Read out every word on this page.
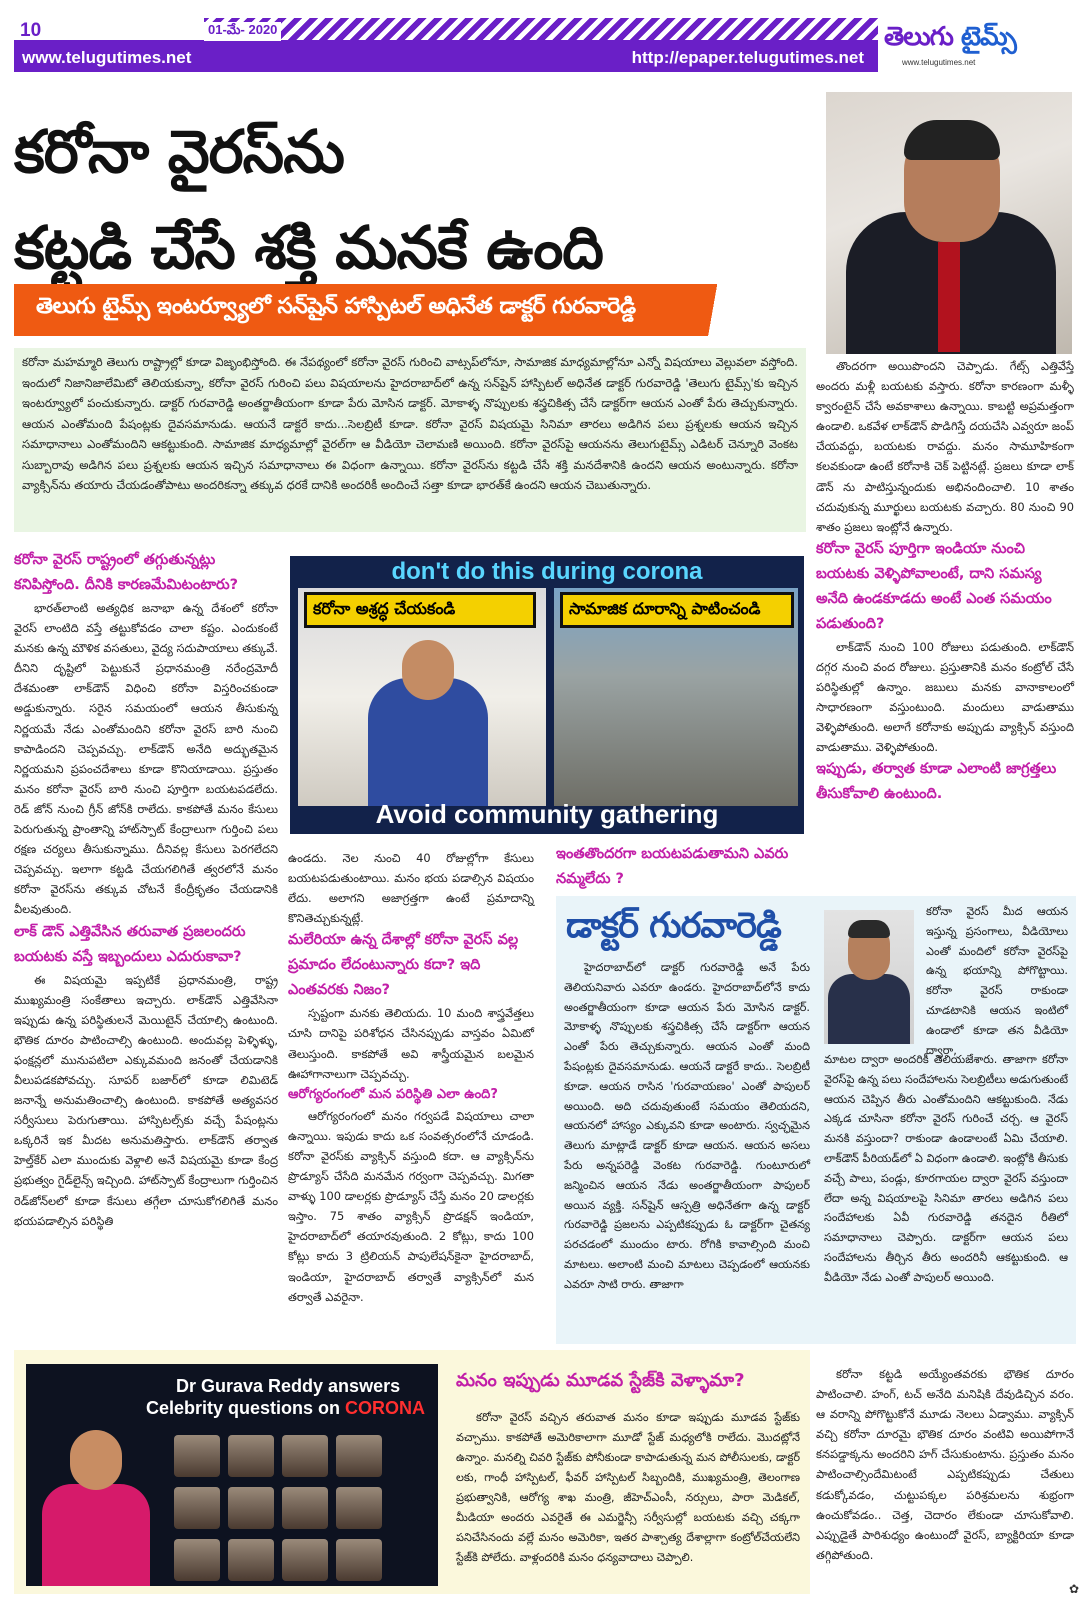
10	01-మే- 2020
www.telugutimes.net	http://epaper.telugutimes.net
తెలుగు టైమ్స్
www.telugutimes.net
కరోనా వైరస్‌ను
కట్టడి చేసే శక్తి మనకే ఉంది
తెలుగు టైమ్స్ ఇంటర్వ్యూలో సన్‌షైన్ హాస్పిటల్ అధినేత డాక్టర్ గురవారెడ్డి
కరోనా మహమ్మారి తెలుగు రాష్ట్రాల్లో కూడా విజృంభిస్తోంది. ఈ నేపథ్యంలో కరోనా వైరస్ గురించి వాట్సప్‌లోనూ, సామాజిక మాధ్యమాల్లోనూ ఎన్నో విషయాలు వెల్లువలా వస్తోంది. ఇందులో నిజానిజాలేమిటో తెలియకున్నా, కరోనా వైరస్ గురించి పలు విషయాలను హైదరాబాద్‌లో ఉన్న సన్‌షైన్ హాస్పిటల్ అధినేత డాక్టర్ గురవారెడ్డి 'తెలుగు టైమ్స్'కు ఇచ్చిన ఇంటర్వ్యూలో పంచుకున్నారు. డాక్టర్ గురవారెడ్డి అంతర్జాతీయంగా కూడా పేరు మోసిన డాక్టర్. మోకాళ్ళ నొప్పులకు శస్త్రచికిత్స చేసే డాక్టర్‌గా ఆయన ఎంతో పేరు తెచ్చుకున్నారు. ఆయన ఎంతోమంది పేషంట్లకు దైవసమానుడు. ఆయనే డాక్టరే కాదు...సెలబ్రిటీ కూడా. కరోనా వైరస్ విషయమై సినిమా తారలు అడిగిన పలు ప్రశ్నలకు ఆయన ఇచ్చిన సమాధానాలు ఎంతోమందిని ఆకట్టుకుంది. సామాజిక మాధ్యమాల్లో వైరల్‌గా ఆ వీడియో చెలామణి అయింది. కరోనా వైరస్‌పై ఆయనను తెలుగుటైమ్స్ ఎడిటర్ చెన్నూరి వెంకట సుబ్బారావు అడిగిన పలు ప్రశ్నలకు ఆయన ఇచ్చిన సమాధానాలు ఈ విధంగా ఉన్నాయి. కరోనా వైరస్‌ను కట్టడి చేసే శక్తి మనదేశానికి ఉందని ఆయన అంటున్నారు. కరోనా వ్యాక్సిన్‌ను తయారు చేయడంతోపాటు అందరికన్నా తక్కువ ధరకే దానికి అందరికీ అందించే సత్తా కూడా భారత్‌కే ఉందని ఆయన చెబుతున్నారు.
కరోనా వైరస్ రాష్ట్రంలో తగ్గుతున్నట్లు కనిపిస్తోంది. దీనికి కారణమేమిటంటారు?

భారత్‌లాంటి అత్యధిక జనాభా ఉన్న దేశంలో కరోనా వైరస్ లాంటిది వస్తే తట్టుకోవడం చాలా కష్టం. ఎందుకంటే మనకు ఉన్న మౌళిక వసతులు, వైద్య సదుపాయాలు తక్కువే. దీనిని దృష్టిలో పెట్టుకునే ప్రధానమంత్రి నరేంద్రమోదీ దేశమంతా లాక్‌డౌన్ విధించి కరోనా విస్తరించకుండా అడ్డుకున్నారు. సరైన సమయంలో ఆయన తీసుకున్న నిర్ణయమే నేడు ఎంతోమందిని కరోనా వైరస్ బారి నుంచి కాపాడిందని చెప్పవచ్చు. లాక్‌డౌన్ అనేది అద్భుతమైన నిర్ణయమని ప్రపంచదేశాలు కూడా కొనియాడాయి. ప్రస్తుతం మనం కరోనా వైరస్ బారి నుంచి పూర్తిగా బయటపడలేదు. రెడ్ జోన్ నుంచి గ్రీన్ జోన్‌కి రాలేదు. కాకపోతే మనం కేసులు పెరుగుతున్న ప్రాంతాన్ని హాట్‌స్పాట్ కేంద్రాలుగా గుర్తించి పలు రక్షణ చర్యలు తీసుకున్నాము. దీనివల్ల కేసులు పెరగలేదని చెప్పవచ్చు. ఇలాగా కట్టడి చేయగలిగితే త్వరలోనే మనం కరోనా వైరస్‌ను తక్కువ చోటనే కేంద్రీకృతం చేయడానికి వీలవుతుంది.

లాక్ డౌన్ ఎత్తివేసిన తరువాత ప్రజలందరు బయటకు వస్తే ఇబ్బందులు ఎదురుకావా?

ఈ విషయమై ఇప్పటికే ప్రధానమంత్రి, రాష్ట్ర ముఖ్యమంత్రి సంకేతాలు ఇచ్చారు. లాక్‌డౌన్ ఎత్తివేసినా ఇప్పుడు ఉన్న పరిస్థితులనే మెయిటైన్ చేయాల్సి ఉంటుంది. భౌతిక దూరం పాటించాల్సి ఉంటుంది. అందువల్ల పెళ్ళిళ్ళు, ఫంక్షన్లలో మునుపటిలా ఎక్కువమంది జనంతో చేయడానికి వీలుపడకపోవచ్చు. సూపర్ బజార్‌లో కూడా లిమిటెడ్ జనాన్నే అనుమతించాల్సి ఉంటుంది. కాకపోతే అత్యవసర సర్వీసులు పెరుగుతాయి. హాస్పిటల్స్‌కు వచ్చే పేషంట్లను ఒక్కరినే ఇక మీదట అనుమతిస్తారు. లాక్‌డౌన్ తర్వాత హెల్త్‌కేర్ ఎలా ముందుకు వెళ్లాలి అనే విషయమై కూడా కేంద్ర ప్రభుత్వం గైడ్‌లైన్స్ ఇచ్చింది. హాట్‌స్పాట్ కేంద్రాలుగా గుర్తించిన రెడ్‌జోన్‌లలో కూడా కేసులు తగ్గేలా చూసుకోగలిగితే మనం భయపడాల్సిన పరిస్థితి

don't do this during corona
కరోనా అశ్రద్ధ చేయకండి	సామాజిక దూరాన్ని పాటించండి
Avoid community gathering

ఉండదు. నెల నుంచి 40 రోజుల్లోగా కేసులు బయటపడుతుంటాయి. మనం భయ పడాల్సిన విషయం లేదు. అలాగని అజాగ్రత్తగా ఉంటే ప్రమాదాన్ని కొనితెచ్చుకున్నట్లే.

మలేరియా ఉన్న దేశాల్లో కరోనా వైరస్ వల్ల ప్రమాదం లేదంటున్నారు కదా? ఇది ఎంతవరకు నిజం?

స్పష్టంగా మనకు తెలియదు. 10 మంది శాస్త్రవేత్తలు చూసి దానిపై పరిశోధన చేసినప్పుడు వాస్తవం ఏమిటో తెలుస్తుంది. కాకపోతే అవి శాస్త్రీయమైన బలమైన ఊహాగానాలుగా చెప్పవచ్చు.

ఆరోగ్యరంగంలో మన పరిస్థితి ఎలా ఉంది?

ఆరోగ్యరంగంలో మనం గర్వపడే విషయాలు చాలా ఉన్నాయి. ఇపుడు కాదు ఒక సంవత్సరంలోనే చూడండి. కరోనా వైరస్‌కు వ్యాక్సిన్ వస్తుంది కదా. ఆ వ్యాక్సిన్‌ను ప్రొడ్యూస్ చేసేది మనమేన గర్వంగా చెప్పవచ్చు. మిగతా వాళ్ళు 100 డాలర్లకు ప్రొడ్యూస్ చేస్తే మనం 20 డాలర్లకు ఇస్తాం. 75 శాతం వ్యాక్సిన్ ప్రొడక్షన్ ఇండియా, హైదరాబాద్‌లో తయారవుతుంది. 2 కోట్లు, కాదు 100 కోట్లు కాదు 3 ట్రిలియన్ పాపులేషన్‌కైనా హైదరాబాద్, ఇండియా, హైదరాబాద్ తర్వాతే వ్యాక్సిన్‌లో మన తర్వాతే ఎవరైనా.

ఇంతతొందరగా బయటపడుతామని ఎవరు నమ్మలేదు ?

తొందరగా అయిపొందని చెప్పాడు. గేట్స్ ఎత్తివేస్తే అందరు మళ్లీ బయటకు వస్తారు. కరోనా కారణంగా మళ్ళీ క్వారంటైన్ చేసే అవకాశాలు ఉన్నాయి. కాబట్టి అప్రమత్తంగా ఉండాలి. ఒకవేళ లాక్‌డౌన్ పొడిగిస్తే దయచేసి ఎవ్వరూ జంప్ చేయవద్దు, బయటకు రావద్దు. మనం సామూహికంగా కలవకుండా ఉంటే కరోనాకి చెక్ పెట్టినట్లే. ప్రజలు కూడా లాక్ డౌన్ ను పాటిస్తున్నందుకు అభినందించాలి. 10 శాతం చదువుకున్న మూర్ఖులు బయటకు వచ్చారు. 80 నుంచి 90 శాతం ప్రజలు ఇంట్లోనే ఉన్నారు.

కరోనా వైరస్ పూర్తిగా ఇండియా నుంచి బయటకు వెళ్ళిపోవాలంటే, దాని సమస్య అనేది ఉండకూడదు అంటే ఎంత సమయం పడుతుంది?

లాక్‌డౌన్ నుంచి 100 రోజులు పడుతుంది. లాక్‌డౌన్ దగ్గర నుంచి వంద రోజులు. ప్రస్తుతానికి మనం కంట్రోల్ చేసే పరిస్థితుల్లో ఉన్నాం. జబులు మనకు వానాకాలంలో సాధారణంగా వస్తుంటుంది. మందులు వాడుతాము వెళ్ళిపోతుంది. అలాగే కరోనాకు అప్పుడు వ్యాక్సిన్ వస్తుంది వాడుతాము. వెళ్ళిపోతుంది.

ఇప్పుడు, తర్వాత కూడా ఎలాంటి జాగ్రత్తలు తీసుకోవాలి ఉంటుంది.
డాక్టర్ గురవారెడ్డి

హైదరాబాద్‌లో డాక్టర్ గురవారెడ్డి అనే పేరు తెలియనివారు ఎవరూ ఉండరు. హైదరాబాద్‌లోనే కాదు అంతర్జాతీయంగా కూడా ఆయన పేరు మోసిన డాక్టర్. మోకాళ్ళ నొప్పులకు శస్త్రచికిత్స చేసే డాక్టర్‌గా ఆయన ఎంతో పేరు తెచ్చుకున్నారు. ఆయన ఎంతో మంది పేషంట్లకు దైవసమానుడు. ఆయనే డాక్టరే కాదు.. సెలబ్రిటీ కూడా. ఆయన రాసిన 'గురవాయణం' ఎంతో పాపులర్ అయింది. అది చదువుతుంటే సమయం తెలియదని, ఆయనలో హాస్యం ఎక్కువని కూడా అంటారు. స్వచ్ఛమైన తెలుగు మాట్లాడే డాక్టర్ కూడా ఆయన. ఆయన అసలు పేరు అన్నపరెడ్డి వెంకట గురవారెడ్డి. గుంటూరులో జన్మించిన ఆయన నేడు అంతర్జాతీయంగా పాపులర్ అయిన వ్యక్తి. సన్‌షైన్ ఆస్పత్రి అధినేతగా ఉన్న డాక్టర్ గురవారెడ్డి ప్రజలను ఎప్పటికప్పుడు ఓ డాక్టర్‌గా చైతన్య పరచడంలో ముందుం టారు. రోగికి కావాల్సింది మంచి మాటలు. అలాంటి మంచి మాటలు చెప్పడంలో ఆయనకు ఎవరూ సాటి రారు. తాజాగా

కరోనా వైరస్ మీద ఆయన ఇస్తున్న ప్రసంగాలు, వీడియోలు ఎంతో మందిలో కరోనా వైరస్‌పై ఉన్న భయాన్ని పోగొట్టాయి. కరోనా వైరస్ రాకుండా చూడటానికి ఆయన ఇంటిలో ఉండాలో కూడా తన వీడియో ద్వారా,
మాటల ద్వారా అందరికీ తెలియజేశారు. తాజాగా కరోనా వైరస్‌పై ఉన్న పలు సందేహాలను సెలబ్రిటీలు అడుగుతుంటే ఆయన చెప్పిన తీరు ఎంతోమందిని ఆకట్టుకుంది. నేడు ఎక్కడ చూసినా కరోనా వైరస్ గురించే చర్చ. ఆ వైరస్ మనకి వస్తుందా? రాకుండా ఉండాలంటే ఏమి చేయాలి. లాక్‌డౌన్ పీరియడ్‌లో ఏ విధంగా ఉండాలి. ఇంట్లోకి తీసుకు వచ్చే పాలు, పండ్లు, కూరగాయల ద్వారా వైరస్ వస్తుందా లేదా అన్న విషయాలపై సినిమా తారలు అడిగిన పలు సందేహాలకు ఏవీ గురవారెడ్డి తనదైన రీతిలో సమాధానాలు చెప్పారు. డాక్టర్‌గా ఆయన పలు సందేహాలను తీర్చిన తీరు అందరినీ ఆకట్టుకుంది. ఆ వీడియో నేడు ఎంతో పాపులర్ అయింది.
Dr Gurava Reddy answers
Celebrity questions on CORONA
మనం ఇప్పుడు మూడవ స్టేజ్‌కి వెళ్ళామా?

కరోనా వైరస్ వచ్చిన తరువాత మనం కూడా ఇప్పుడు మూడవ స్టేజ్‌కు వచ్చాము. కాకపోతే అమెరికాలాగా మూడో స్టేజ్ మధ్యలోకి రాలేదు. మొదట్లోనే ఉన్నాం. మనల్ని చివరి స్టేజ్‌కు పోనీకుండా కాపాడుతున్న మన పోలీసులకు, డాక్టర్ లకు, గాంధీ హాస్పిటల్, ఫీవర్ హాస్పిటల్ సిబ్బందికి, ముఖ్యమంత్రి, తెలంగాణ ప్రభుత్వానికి, ఆరోగ్య శాఖ మంత్రి, జీహెచ్ఎంసీ, నర్సులు, పారా మెడికల్, మీడియా అందరు ఎవరైతే ఈ ఎమర్జెన్సీ సర్వీసుల్లో బయటకు వచ్చి చక్కగా పనిచేసినందు వల్లే మనం అమెరికా, ఇతర పాశ్చాత్య దేశాల్లాగా కంట్రోల్‌చేయలేని స్టేజ్‌కి పోలేదు. వాళ్లందరికి మనం ధన్యవాదాలు చెప్పాలి.

కరోనా కట్టడి అయ్యేంతవరకు భౌతిక దూరం పాటించాలి. హంగ్, టచ్ అనేది మనిషికి దేవుడిచ్చిన వరం. ఆ వరాన్ని పోగొట్టుకోనే మూడు నెలలు ఏడ్వాము. వ్యాక్సిన్ వచ్చి కరోనా దూరమై భౌతిక దూరం వంటివి అయిపోగానే కనపడ్డాక్కను అందరిని హగ్ చేసుకుంటాను. ప్రస్తుతం మనం పాటించాల్సిందేమిటంటే ఎప్పటికప్పుడు చేతులు కడుక్కోవడం, చుట్టుపక్కల పరిశ్రమలను శుభ్రంగా ఉంచుకోవడం.. చెత్త, చెదారం లేకుండా చూసుకోవాలి. ఎప్పుడైతే పారిశుధ్యం ఉంటుందో వైరస్, బ్యాక్టిరియా కూడా తగ్గిపోతుంది.

✿
